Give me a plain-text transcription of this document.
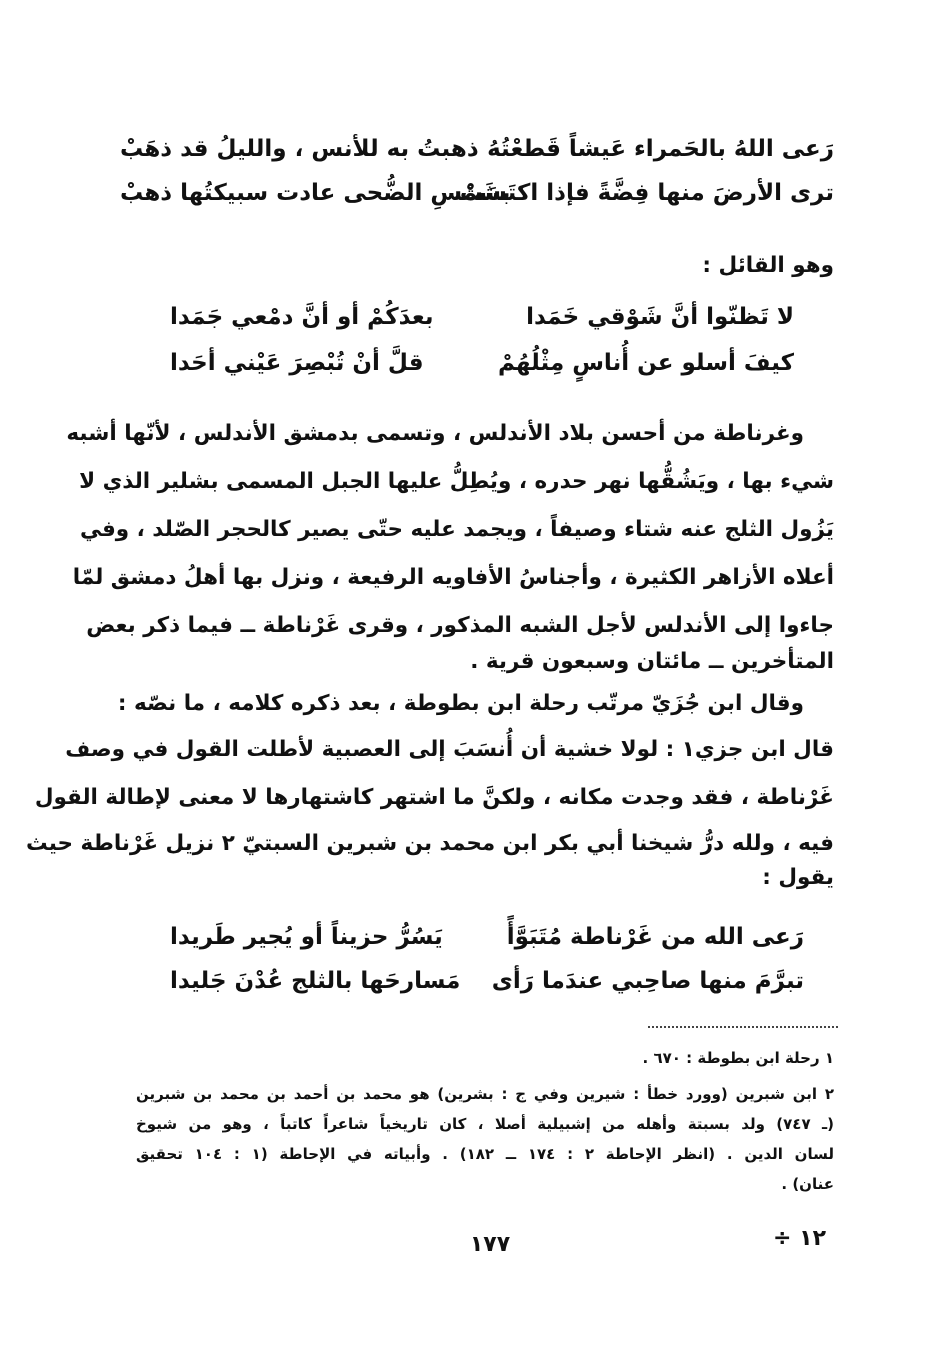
رَعى اللهُ بالحَمراء عَيشاً قَطعْتُهُ
ذهبتُ به للأنس ، والليلُ قد ذهَبْ
ترى الأرضَ منها فِضَّةً فإذا اكتَسَتْ
بشَمْسِ الضُّحى عادت سبيكتُها ذهبْ
وهو القائل :
لا تَظنّوا أنَّ شَوْقي خَمَدا
بعدَكُمْ أو أنَّ دمْعي جَمَدا
كيفَ أسلو عن أُناسٍ مِثْلُهُمْ
قلَّ أنْ تُبْصِرَ عَيْني أحَدا
وغرناطة من أحسن بلاد الأندلس ، وتسمى بدمشق الأندلس ، لأنّها أشبه
شيء بها ، ويَشُقُّها نهر حدره ، ويُطِلُّ عليها الجبل المسمى بشلير الذي لا
يَزُول الثلج عنه شتاء وصيفاً ، ويجمد عليه حتّى يصير كالحجر الصّلد ، وفي
أعلاه الأزاهر الكثيرة ، وأجناسُ الأفاويه الرفيعة ، ونزل بها أهلُ دمشق لمّا
جاءوا إلى الأندلس لأجل الشبه المذكور ، وقرى غَرْناطة ــ فيما ذكر بعض
المتأخرين ــ مائتان وسبعون قرية .
وقال ابن جُزَيّ مرتّب رحلة ابن بطوطة ، بعد ذكره كلامه ، ما نصّه :
قال ابن جزي١ : لولا خشية أن أُنسَبَ إلى العصبية لأطلت القول في وصف
غَرْناطة ، فقد وجدت مكانه ، ولكنَّ ما اشتهر كاشتهارها لا معنى لإطالة القول
فيه ، ولله درُّ شيخنا أبي بكر ابن محمد بن شبرين السبتيّ ٢ نزيل غَرْناطة حيث
يقول :
رَعى الله من غَرْناطة مُتَبَوَّأً
يَسُرُّ حزيناً أو يُجير طَريدا
تبرَّمَ منها صاحِبي عندَما رَأى
مَسارحَها بالثلج عُدْنَ جَليدا
١ رحلة ابن بطوطة : ٦٧٠ .
٢ ابن شبرين (وورد خطأ : شيرين وفي ج : بشرين) هو محمد بن أحمد بن محمد بن شبرين
(ـ ٧٤٧) ولد بسبتة وأهله من إشبيلية أصلا ، كان تاريخياً شاعراً كاتباً ، وهو من شيوخ
لسان الدين . (انظر الإحاطة ٢ : ١٧٤ ــ ١٨٢) . وأبياته في الإحاطة (١ : ١٠٤ تحقيق
عنان) .
١٧٧	١٢ ÷
